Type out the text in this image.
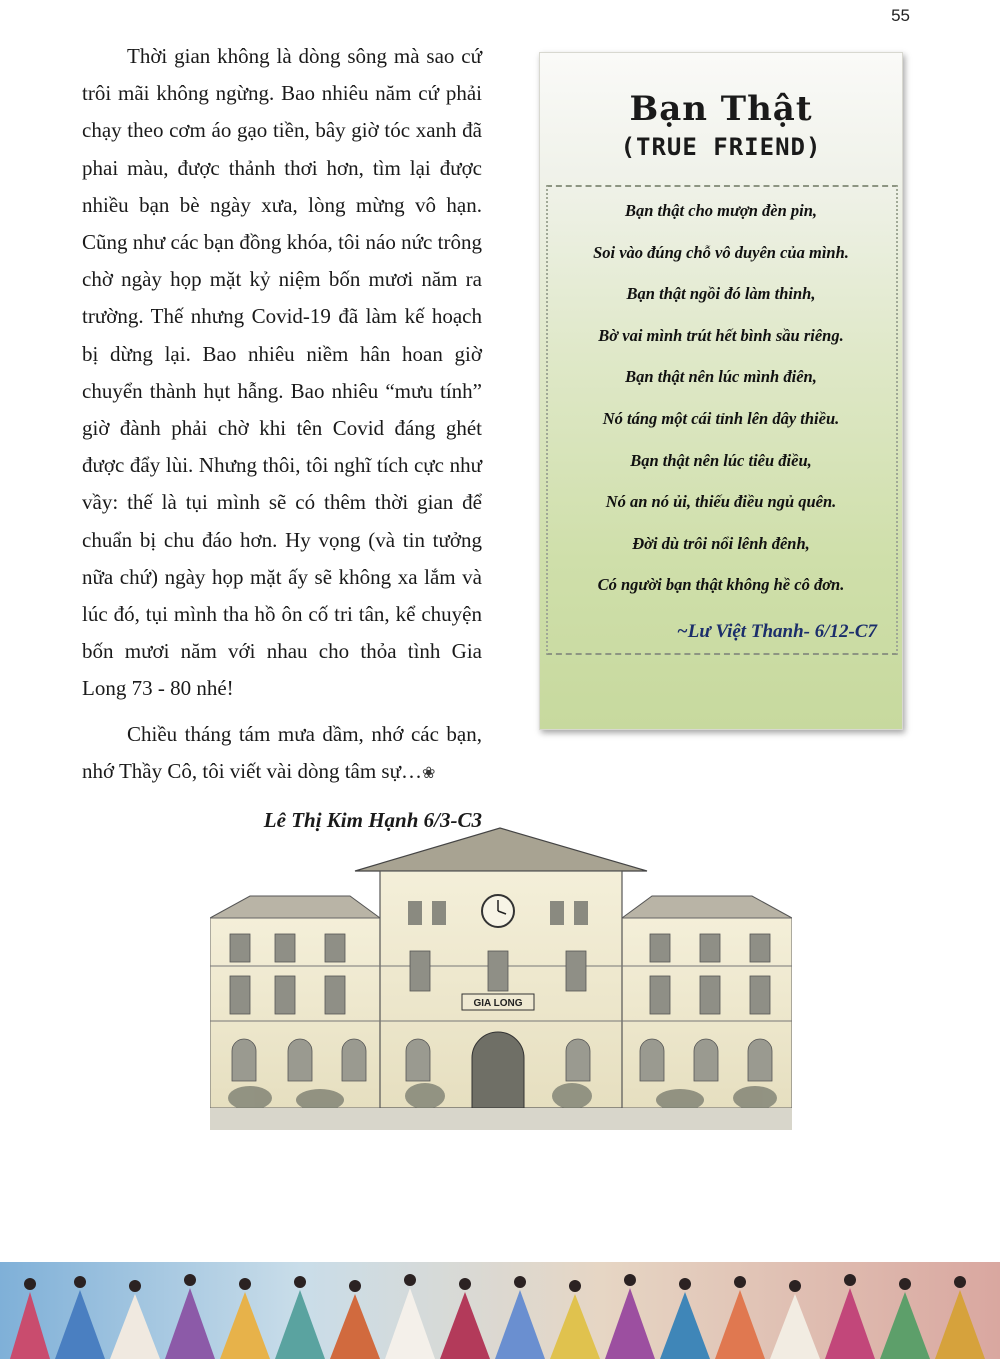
55

Thời gian không là dòng sông mà sao cứ trôi mãi không ngừng. Bao nhiêu năm cứ phải chạy theo cơm áo gạo tiền, bây giờ tóc xanh đã phai màu, được thảnh thơi hơn, tìm lại được nhiều bạn bè ngày xưa, lòng mừng vô hạn. Cũng như các bạn đồng khóa, tôi náo nức trông chờ ngày họp mặt kỷ niệm bốn mươi năm ra trường. Thế nhưng Covid-19 đã làm kế hoạch bị dừng lại. Bao nhiêu niềm hân hoan giờ chuyển thành hụt hẫng. Bao nhiêu “mưu tính” giờ đành phải chờ khi tên Covid đáng ghét được đẩy lùi. Nhưng thôi, tôi nghĩ tích cực như vầy: thế là tụi mình sẽ có thêm thời gian để chuẩn bị chu đáo hơn. Hy vọng (và tin tưởng nữa chứ) ngày họp mặt ấy sẽ không xa lắm và lúc đó, tụi mình tha hồ ôn cố tri tân, kể chuyện bốn mươi năm với nhau cho thỏa tình Gia Long 73 - 80 nhé!

Chiều tháng tám mưa dầm, nhớ các bạn, nhớ Thầy Cô, tôi viết vài dòng tâm sự…❀

Lê Thị Kim Hạnh 6/3-C3

Bạn Thật
(TRUE FRIEND)
Bạn thật cho mượn đèn pin,
Soi vào đúng chỗ vô duyên của mình.
Bạn thật ngồi đó làm thinh,
Bờ vai mình trút hết bình sầu riêng.
Bạn thật nên lúc mình điên,
Nó táng một cái tỉnh lên dây thiều.
Bạn thật nên lúc tiêu điều,
Nó an nó ủi, thiếu điều ngủ quên.
Đời dù trôi nổi lênh đênh,
Có người bạn thật không hề cô đơn.
~Lư Việt Thanh- 6/12-C7
GIA LONG
